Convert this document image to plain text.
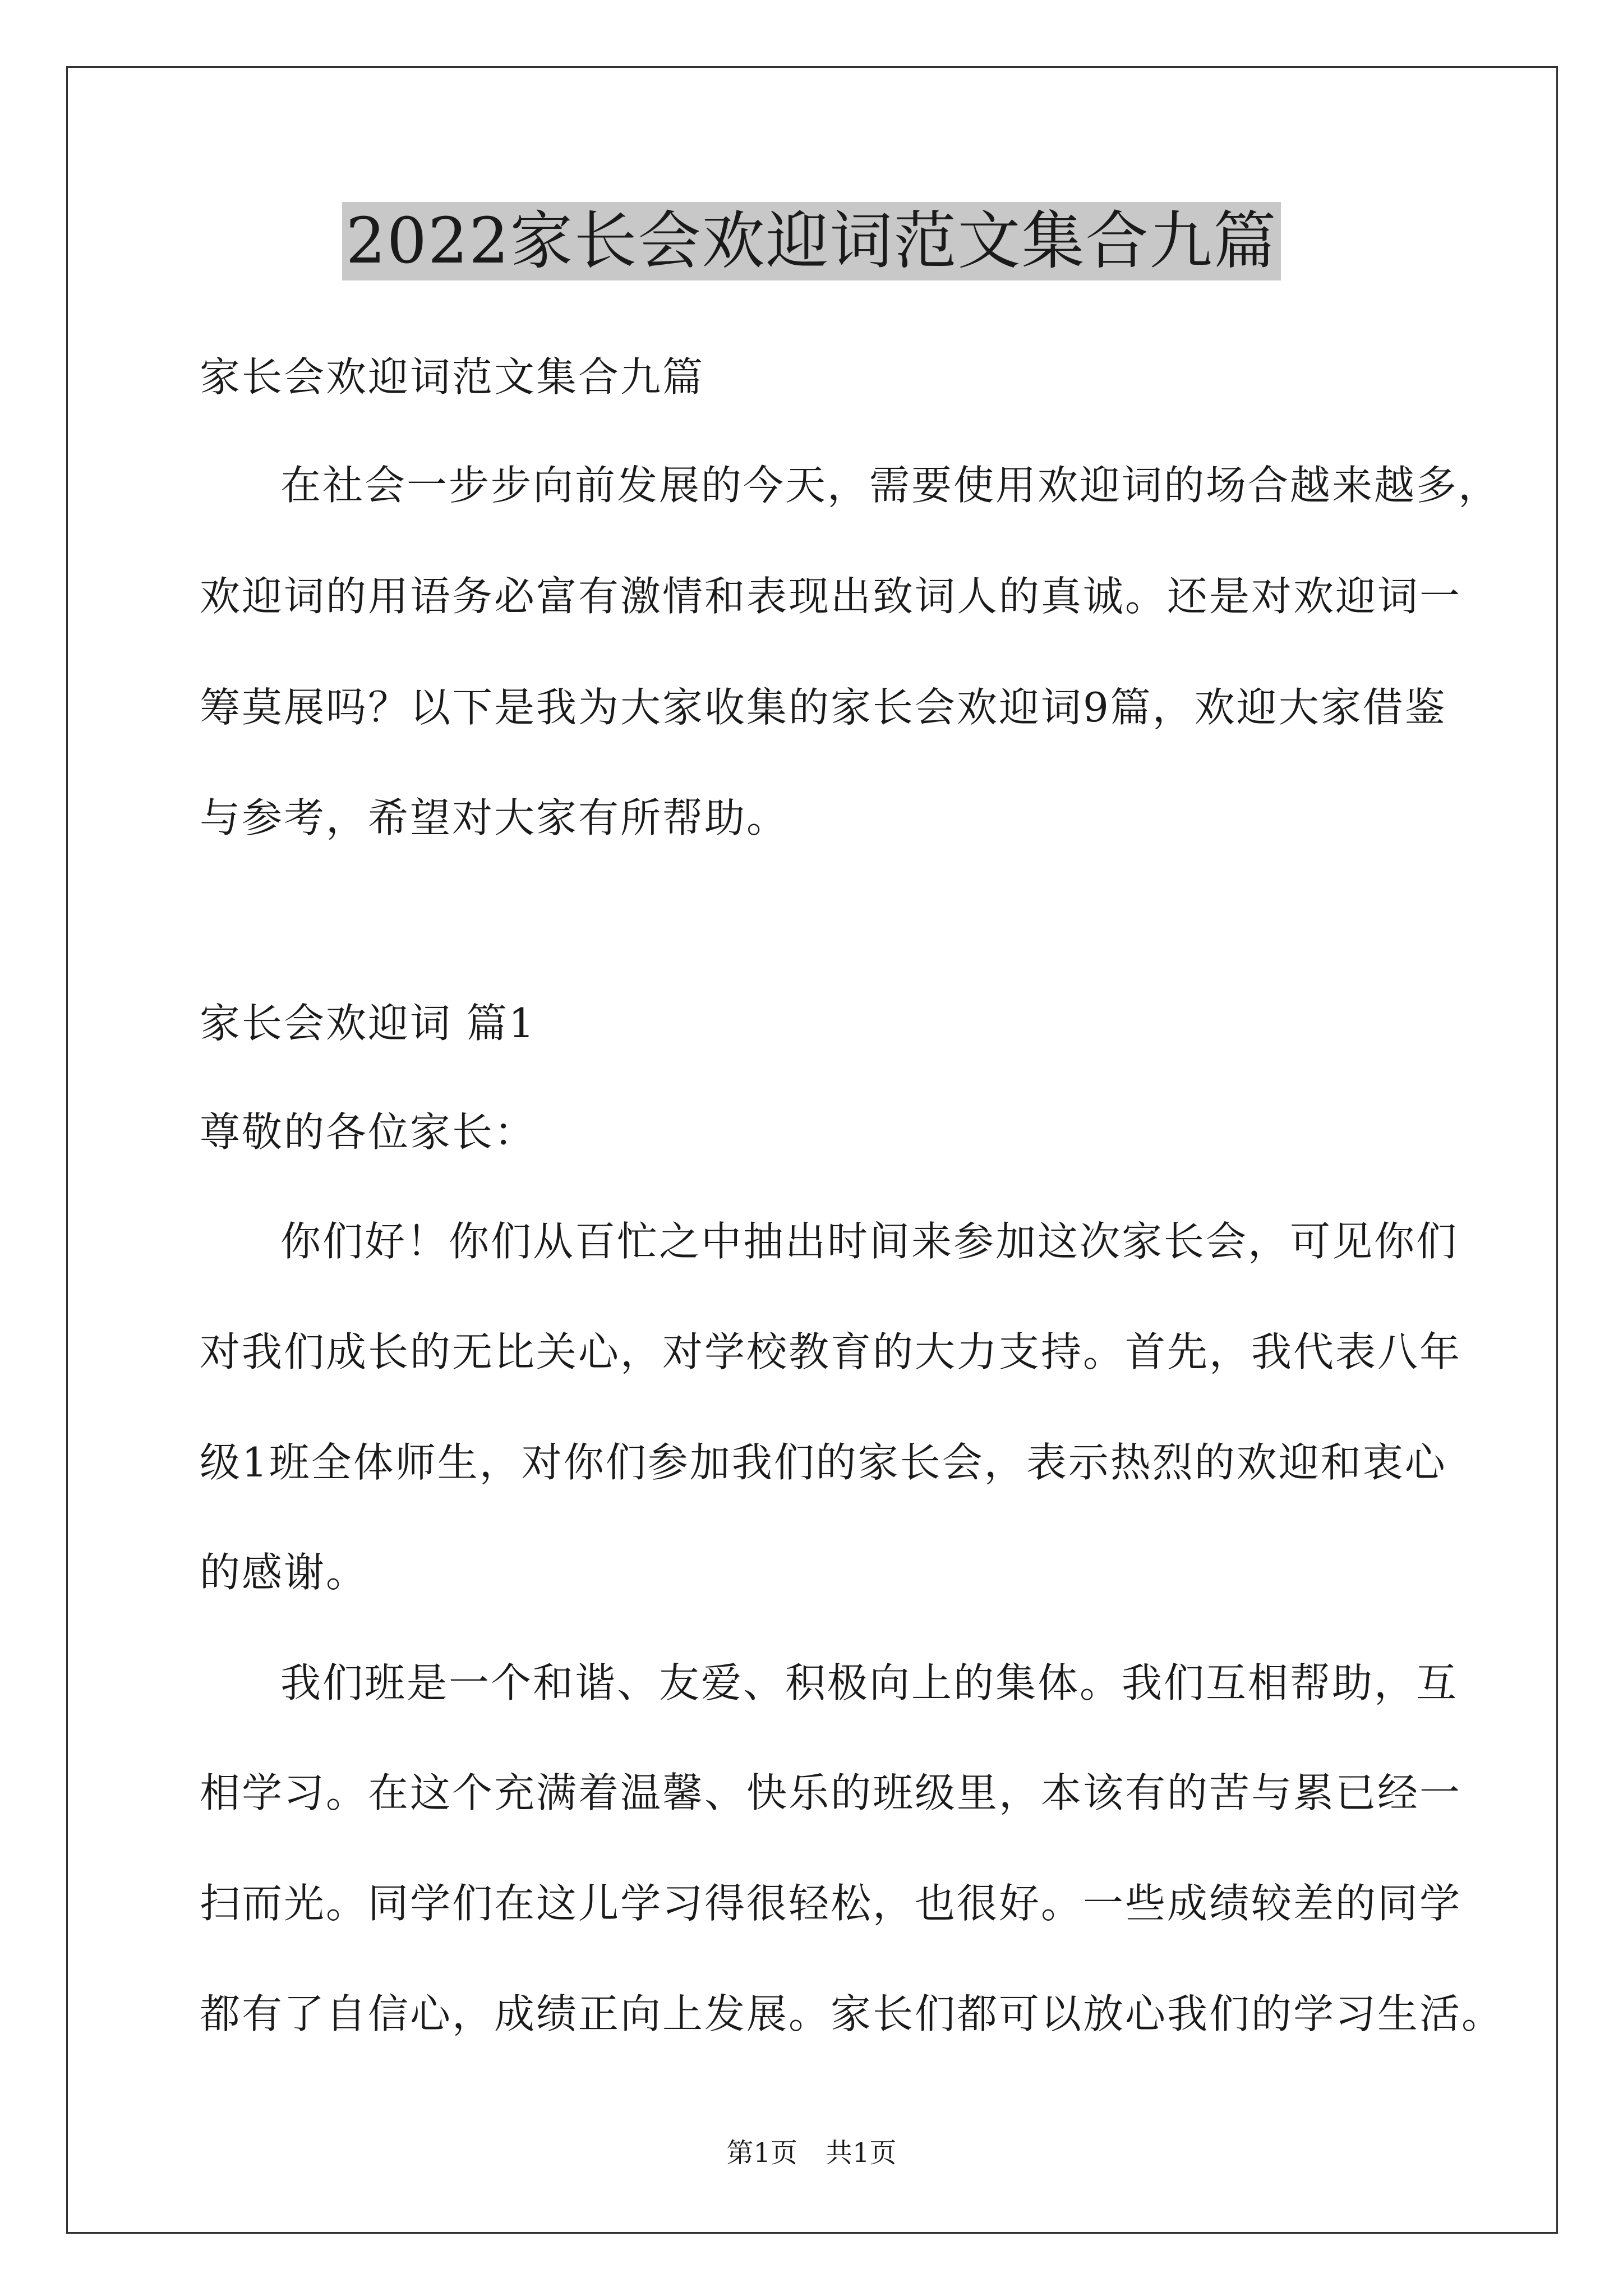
2022家长会欢迎词范文集合九篇
家长会欢迎词范文集合九篇
在社会一步步向前发展的今天，需要使用欢迎词的场合越来越多，
欢迎词的用语务必富有激情和表现出致词人的真诚。还是对欢迎词一
筹莫展吗？以下是我为大家收集的家长会欢迎词9篇，欢迎大家借鉴
与参考，希望对大家有所帮助。
家长会欢迎词 篇1
尊敬的各位家长：
你们好！你们从百忙之中抽出时间来参加这次家长会，可见你们
对我们成长的无比关心，对学校教育的大力支持。首先，我代表八年
级1班全体师生，对你们参加我们的家长会，表示热烈的欢迎和衷心
的感谢。
我们班是一个和谐、友爱、积极向上的集体。我们互相帮助，互
相学习。在这个充满着温馨、快乐的班级里，本该有的苦与累已经一
扫而光。同学们在这儿学习得很轻松，也很好。一些成绩较差的同学
都有了自信心，成绩正向上发展。家长们都可以放心我们的学习生活。
第1页 共1页
